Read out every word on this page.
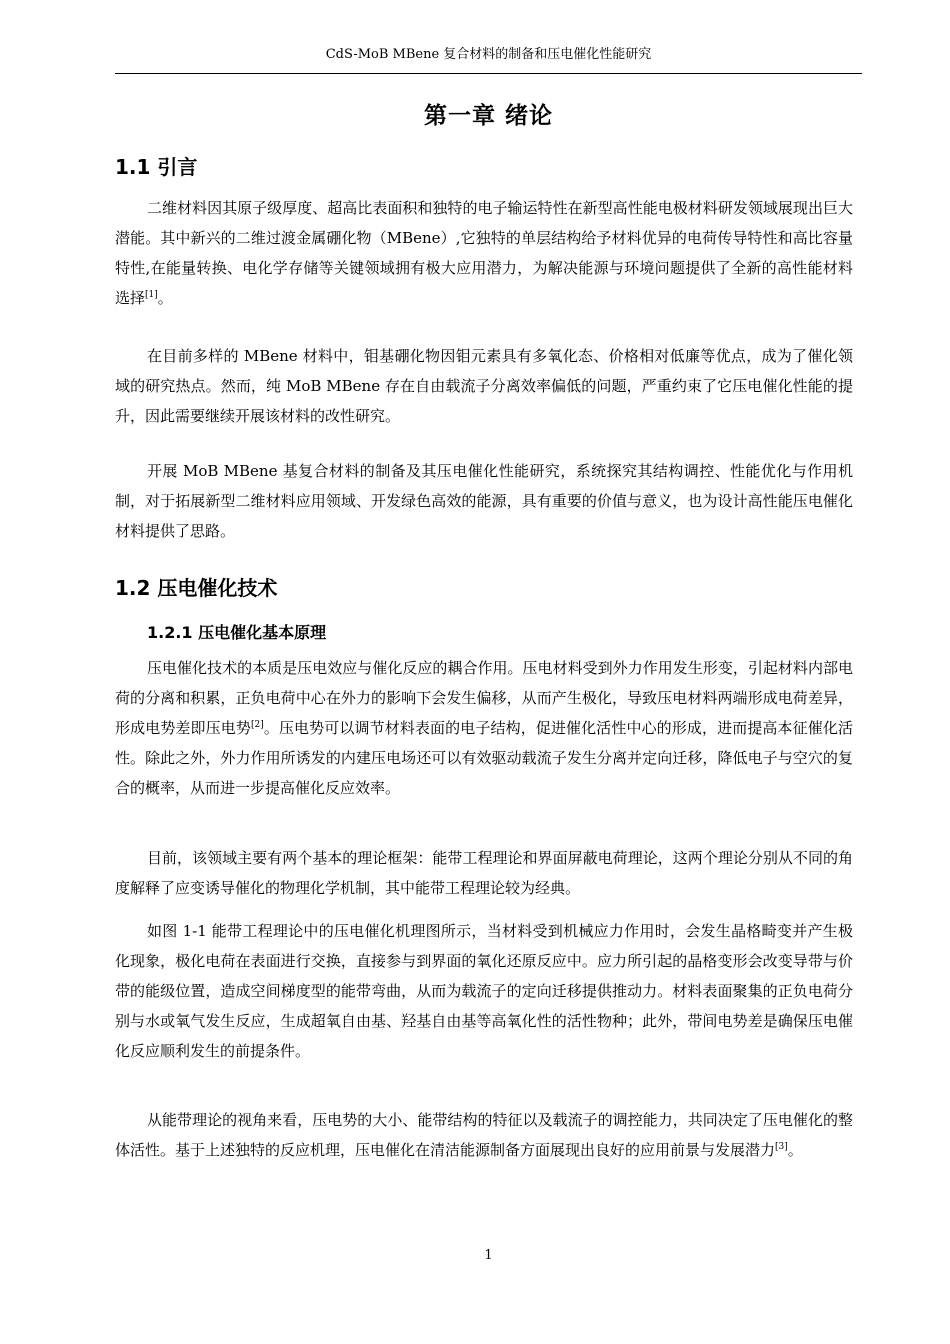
CdS-MoB MBene 复合材料的制备和压电催化性能研究
第一章 绪论
1.1 引言

二维材料因其原子级厚度、超高比表面积和独特的电子输运特性在新型高性能电极材料研发领域展现出巨大潜能。其中新兴的二维过渡金属硼化物（MBene）,它独特的单层结构给予材料优异的电荷传导特性和高比容量特性,在能量转换、电化学存储等关键领域拥有极大应用潜力，为解决能源与环境问题提供了全新的高性能材料选择[1]。

在目前多样的 MBene 材料中，钼基硼化物因钼元素具有多氧化态、价格相对低廉等优点，成为了催化领域的研究热点。然而，纯 MoB MBene 存在自由载流子分离效率偏低的问题，严重约束了它压电催化性能的提升，因此需要继续开展该材料的改性研究。

开展 MoB MBene 基复合材料的制备及其压电催化性能研究，系统探究其结构调控、性能优化与作用机制，对于拓展新型二维材料应用领域、开发绿色高效的能源，具有重要的价值与意义，也为设计高性能压电催化材料提供了思路。

1.2 压电催化技术
1.2.1 压电催化基本原理

压电催化技术的本质是压电效应与催化反应的耦合作用。压电材料受到外力作用发生形变，引起材料内部电荷的分离和积累，正负电荷中心在外力的影响下会发生偏移，从而产生极化，导致压电材料两端形成电荷差异，形成电势差即压电势[2]。压电势可以调节材料表面的电子结构，促进催化活性中心的形成，进而提高本征催化活性。除此之外，外力作用所诱发的内建压电场还可以有效驱动载流子发生分离并定向迁移，降低电子与空穴的复合的概率，从而进一步提高催化反应效率。

目前，该领域主要有两个基本的理论框架：能带工程理论和界面屏蔽电荷理论，这两个理论分别从不同的角度解释了应变诱导催化的物理化学机制，其中能带工程理论较为经典。

如图 1-1 能带工程理论中的压电催化机理图所示，当材料受到机械应力作用时，会发生晶格畸变并产生极化现象，极化电荷在表面进行交换，直接参与到界面的氧化还原反应中。应力所引起的晶格变形会改变导带与价带的能级位置，造成空间梯度型的能带弯曲，从而为载流子的定向迁移提供推动力。材料表面聚集的正负电荷分别与水或氧气发生反应，生成超氧自由基、羟基自由基等高氧化性的活性物种；此外，带间电势差是确保压电催化反应顺利发生的前提条件。

从能带理论的视角来看，压电势的大小、能带结构的特征以及载流子的调控能力，共同决定了压电催化的整体活性。基于上述独特的反应机理，压电催化在清洁能源制备方面展现出良好的应用前景与发展潜力[3]。

1
